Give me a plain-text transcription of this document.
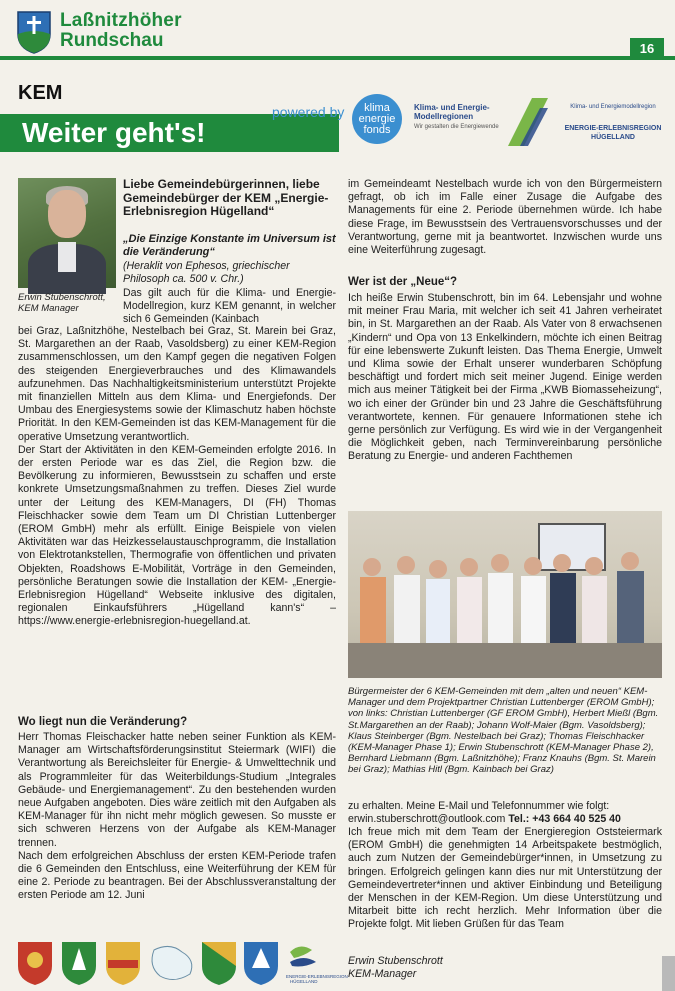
Laßnitzhöher
Rundschau	16
KEM
Weiter geht's!
powered by	klima
energie
fonds
Klima- und Energie-
Modellregionen
Wir gestalten die Energiewende
Klima- und Energiemodellregion
ENERGIE-ERLEBNISREGION
HÜGELLAND
Erwin Stubenschrott, KEM Manager
Liebe Gemeindebürgerinnen, liebe Gemeindebürger der KEM „Energie-Erlebnisregion Hügelland“
„Die Einzige Konstante im Universum ist die Veränderung“
(Heraklit von Ephesos, griechischer Philosoph ca. 500 v. Chr.)
Das gilt auch für die Klima- und Energie-Modellregion, kurz KEM genannt, in welcher sich 6 Gemeinden (Kainbach

bei Graz, Laßnitzhöhe, Nestelbach bei Graz, St. Marein bei Graz, St. Margarethen an der Raab, Vasoldsberg) zu einer KEM-Region zusammenschlossen, um den Kampf gegen die negativen Folgen des steigenden Energieverbrauches und des Klimawandels aufzunehmen. Das Nachhaltigkeitsministerium unterstützt Projekte mit finanziellen Mitteln aus dem Klima- und Energiefonds. Der Umbau des Energiesystems sowie der Klimaschutz haben höchste Priorität. In den KEM-Gemeinden ist das KEM-Management für die operative Umsetzung verantwortlich.

Der Start der Aktivitäten in den KEM-Gemeinden erfolgte 2016. In der ersten Periode war es das Ziel, die Region bzw. die Bevölkerung zu informieren, Bewusstsein zu schaffen und erste konkrete Umsetzungsmaßnahmen zu treffen. Dieses Ziel wurde unter der Leitung des KEM-Managers, DI (FH) Thomas Fleischhacker sowie dem Team um DI Christian Luttenberger (EROM GmbH) mehr als erfüllt. Einige Beispiele von vielen Aktivitäten war das Heizkesselaustauschprogramm, die Installation von Elektrotankstellen, Thermografie von öffentlichen und privaten Objekten, Roadshows E-Mobilität, Vorträge in den Gemeinden, persönliche Beratungen sowie die Installation der KEM- „Energie-Erlebnisregion Hügelland“ Webseite inklusive des digitalen, regionalen Einkaufsführers „Hügelland kann's“ – https://www.energie-erlebnisregion-huegelland.at.

Wo liegt nun die Veränderung?

Herr Thomas Fleischacker hatte neben seiner Funktion als KEM-Manager am Wirtschaftsförderungsinstitut Steiermark (WIFI) die Verantwortung als Bereichsleiter für Energie- & Umwelttechnik und als Programmleiter für das Weiterbildungs-Studium „Integrales Gebäude- und Energiemanagement“. Zu den bestehenden wurden neue Aufgaben angeboten. Dies wäre zeitlich mit den Aufgaben als KEM-Manager für ihn nicht mehr möglich gewesen. So musste er sich schweren Herzens von der Aufgabe als KEM-Manager trennen.

Nach dem erfolgreichen Abschluss der ersten KEM-Periode trafen die 6 Gemeinden den Entschluss, eine Weiterführung der KEM für eine 2. Periode zu beantragen. Bei der Abschlussveranstaltung der ersten Periode am 12. Juni

im Gemeindeamt Nestelbach wurde ich von den Bürgermeistern gefragt, ob ich im Falle einer Zusage die Aufgabe des Managements für eine 2. Periode übernehmen würde. Ich habe diese Frage, im Bewusstsein des Vertrauensvorschusses und der Verantwortung, gerne mit ja beantwortet. Inzwischen wurde uns eine Weiterführung zugesagt.
Wer ist der „Neue“?
Ich heiße Erwin Stubenschrott, bin im 64. Lebensjahr und wohne mit meiner Frau Maria, mit welcher ich seit 41 Jahren verheiratet bin, in St. Margarethen an der Raab. Als Vater von 8 erwachsenen „Kindern“ und Opa von 13 Enkelkindern, möchte ich einen Beitrag für eine lebenswerte Zukunft leisten. Das Thema Energie, Umwelt und Klima sowie der Erhalt unserer wunderbaren Schöpfung beschäftigt und fordert mich seit meiner Jugend. Einige werden mich aus meiner Tätigkeit bei der Firma „KWB Biomasseheizung“, wo ich einer der Gründer bin und 23 Jahre die Geschäftsführung verantwortete, kennen. Für genauere Informationen stehe ich gerne persönlich zur Verfügung. Es wird wie in der Vergangenheit die Möglichkeit geben, nach Terminvereinbarung persönliche Beratung zu Energie- und anderen Fachthemen
Bürgermeister der 6 KEM-Gemeinden mit dem „alten und neuen“ KEM-Manager und dem Projektpartner Christian Luttenberger (EROM GmbH); von links: Christian Luttenberger (GF EROM GmbH), Herbert Mießl (Bgm. St.Margarethen an der Raab); Johann Wolf-Maier (Bgm. Vasoldsberg); Klaus Steinberger (Bgm. Nestelbach bei Graz); Thomas Fleischhacker (KEM-Manager Phase 1); Erwin Stubenschrott (KEM-Manager Phase 2), Bernhard Liebmann (Bgm. Laßnitzhöhe); Franz Knauhs (Bgm. St. Marein bei Graz); Mathias Hitl (Bgm. Kainbach bei Graz)
zu erhalten. Meine E-Mail und Telefonnummer wie folgt:
erwin.stuberschrott@outlook.com Tel.: +43 664 40 525 40
Ich freue mich mit dem Team der Energieregion Oststeiermark (EROM GmbH) die genehmigten 14 Arbeitspakete bestmöglich, auch zum Nutzen der Gemeindebürger*innen, in Umsetzung zu bringen. Erfolgreich gelingen kann dies nur mit Unterstützung der Gemeindevertreter*innen und aktiver Einbindung und Beteiligung der Menschen in der KEM-Region. Um diese Unterstützung und Mitarbeit bitte ich recht herzlich. Mehr Information über die Projekte folgt. Mit lieben Grüßen für das Team
Erwin Stubenschrott
KEM-Manager
ENERGIE-ERLEBNISREGION
HÜGELLAND
